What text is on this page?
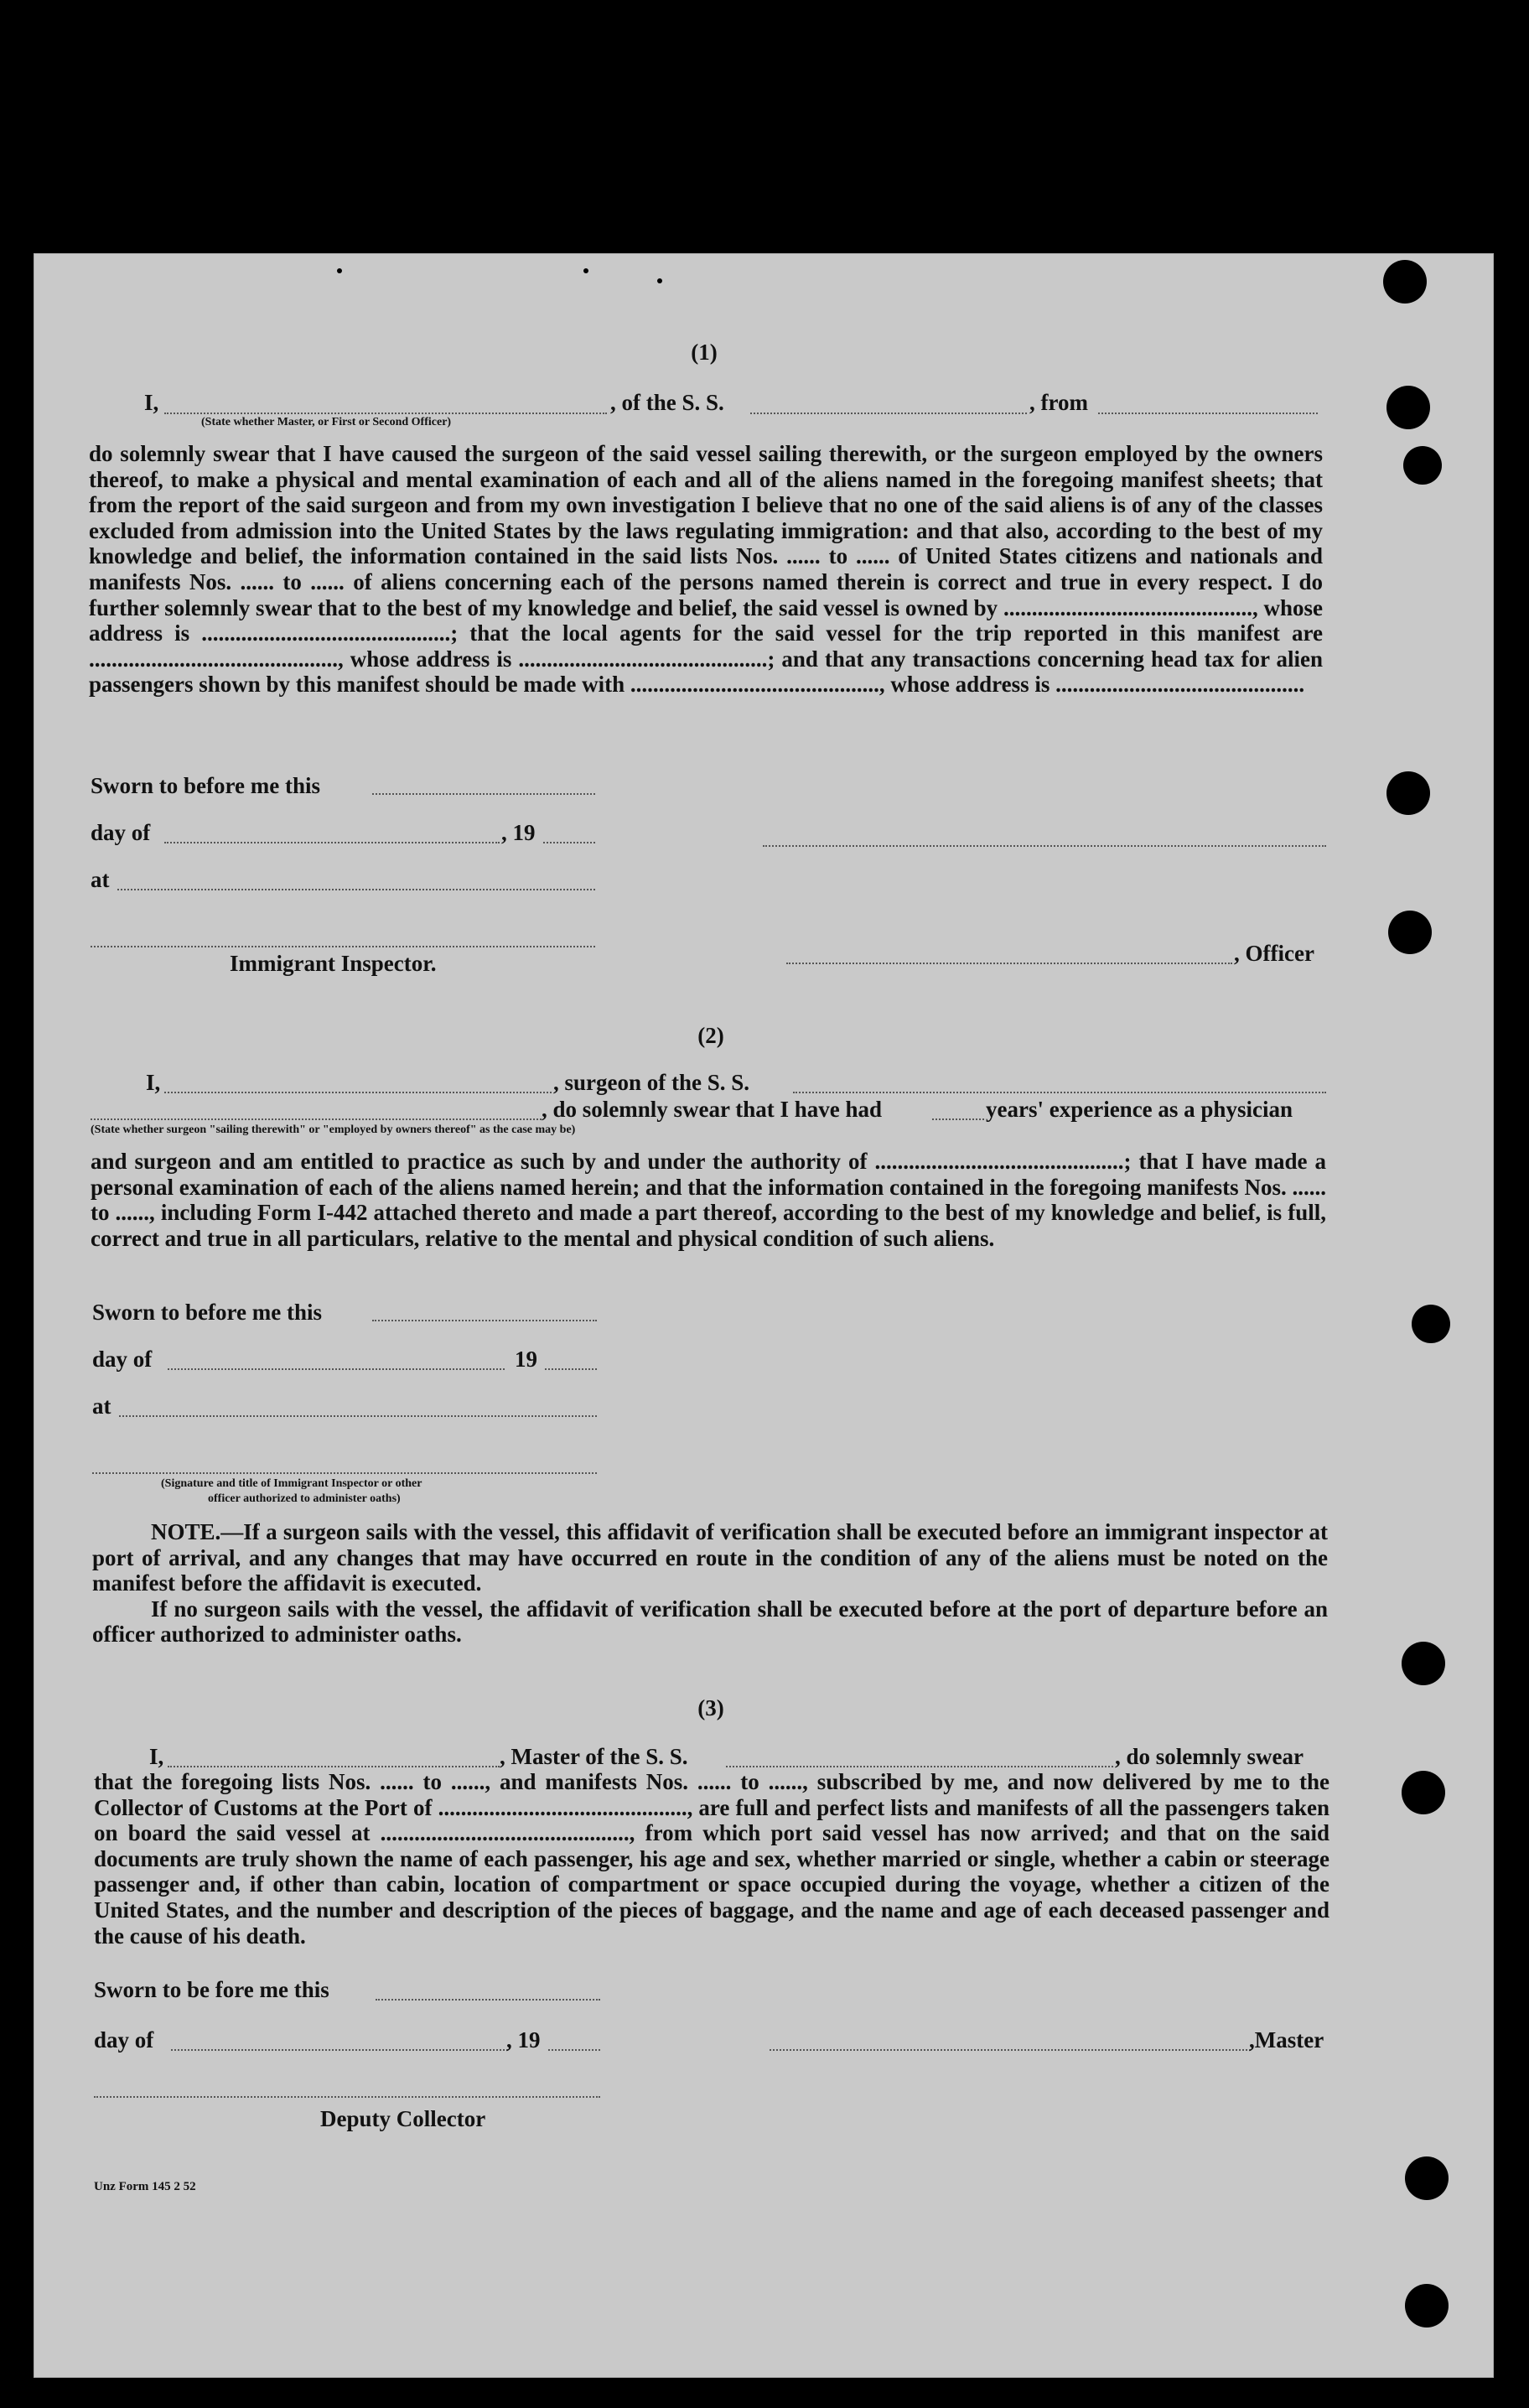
(1)
I,	, of the S. S.	, from
(State whether Master, or First or Second Officer)
do solemnly swear that I have caused the surgeon of the said vessel sailing therewith, or the surgeon employed by the owners thereof, to make a physical and mental examination of each and all of the aliens named in the foregoing manifest sheets; that from the report of the said surgeon and from my own investigation I believe that no one of the said aliens is of any of the classes excluded from admission into the United States by the laws regulating immigration: and that also, according to the best of my knowledge and belief, the information contained in the said lists Nos. ...... to ...... of United States citizens and nationals and manifests Nos. ...... to ...... of aliens concerning each of the persons named therein is correct and true in every respect. I do further solemnly swear that to the best of my knowledge and belief, the said vessel is owned by ............................................, whose address is ............................................; that the local agents for the said vessel for the trip reported in this manifest are ............................................, whose address is ............................................; and that any transactions concerning head tax for alien passengers shown by this manifest should be made with ............................................, whose address is ............................................
Sworn to before me this
day of	, 19
at
Immigrant Inspector.	, Officer
(2)
I,	, surgeon of the S. S.
, do solemnly swear that I have had	years' experience as a physician
(State whether surgeon "sailing therewith" or "employed by owners thereof" as the case may be)
and surgeon and am entitled to practice as such by and under the authority of ............................................; that I have made a personal examination of each of the aliens named herein; and that the information contained in the foregoing manifests Nos. ...... to ......, including Form I-442 attached thereto and made a part thereof, according to the best of my knowledge and belief, is full, correct and true in all particulars, relative to the mental and physical condition of such aliens.
Sworn to before me this
day of	19
at
(Signature and title of Immigrant Inspector or other
officer authorized to administer oaths)

NOTE.—If a surgeon sails with the vessel, this affidavit of verification shall be executed before an immigrant inspector at port of arrival, and any changes that may have occurred en route in the condition of any of the aliens must be noted on the manifest before the affidavit is executed.

If no surgeon sails with the vessel, the affidavit of verification shall be executed before at the port of departure before an officer authorized to administer oaths.

(3)
I,	, Master of the S. S.	, do solemnly swear
that the foregoing lists Nos. ...... to ......, and manifests Nos. ...... to ......, subscribed by me, and now delivered by me to the Collector of Customs at the Port of ............................................, are full and perfect lists and manifests of all the passengers taken on board the said vessel at ............................................, from which port said vessel has now arrived; and that on the said documents are truly shown the name of each passenger, his age and sex, whether married or single, whether a cabin or steerage passenger and, if other than cabin, location of compartment or space occupied during the voyage, whether a citizen of the United States, and the number and description of the pieces of baggage, and the name and age of each deceased passenger and the cause of his death.
Sworn to be fore me this
day of	, 19	,Master
Deputy Collector
Unz Form 145 2 52
